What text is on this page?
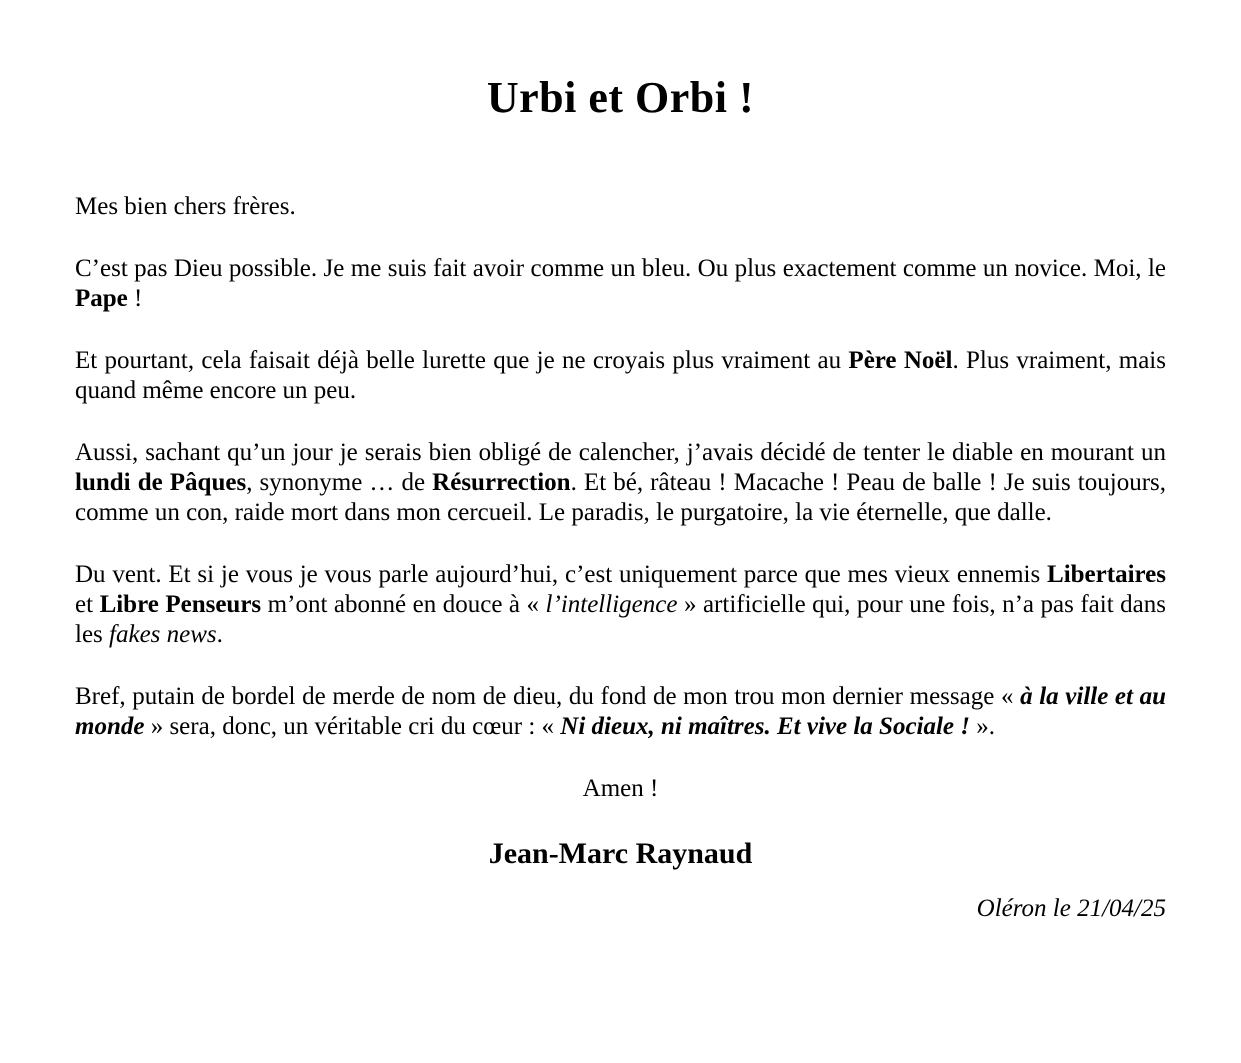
Urbi et Orbi !

Mes bien chers frères.

C’est pas Dieu possible. Je me suis fait avoir comme un bleu. Ou plus exactement comme un novice. Moi, le Pape !

Et pourtant, cela faisait déjà belle lurette que je ne croyais plus vraiment au Père Noël. Plus vraiment, mais quand même encore un peu.

Aussi, sachant qu’un jour je serais bien obligé de calencher, j’avais décidé de tenter le diable en mourant un lundi de Pâques, synonyme … de Résurrection. Et bé, râteau ! Macache ! Peau de balle ! Je suis toujours, comme un con, raide mort dans mon cercueil. Le paradis, le purgatoire, la vie éternelle, que dalle.

Du vent. Et si je vous je vous parle aujourd’hui, c’est uniquement parce que mes vieux ennemis Libertaires et Libre Penseurs m’ont abonné en douce à « l’intelligence » artificielle qui, pour une fois, n’a pas fait dans les fakes news.

Bref, putain de bordel de merde de nom de dieu, du fond de mon trou mon dernier message « à la ville et au monde » sera, donc, un véritable cri du cœur : « Ni dieux, ni maîtres. Et vive la Sociale ! ».

Amen !

Jean-Marc Raynaud

Oléron le 21/04/25
